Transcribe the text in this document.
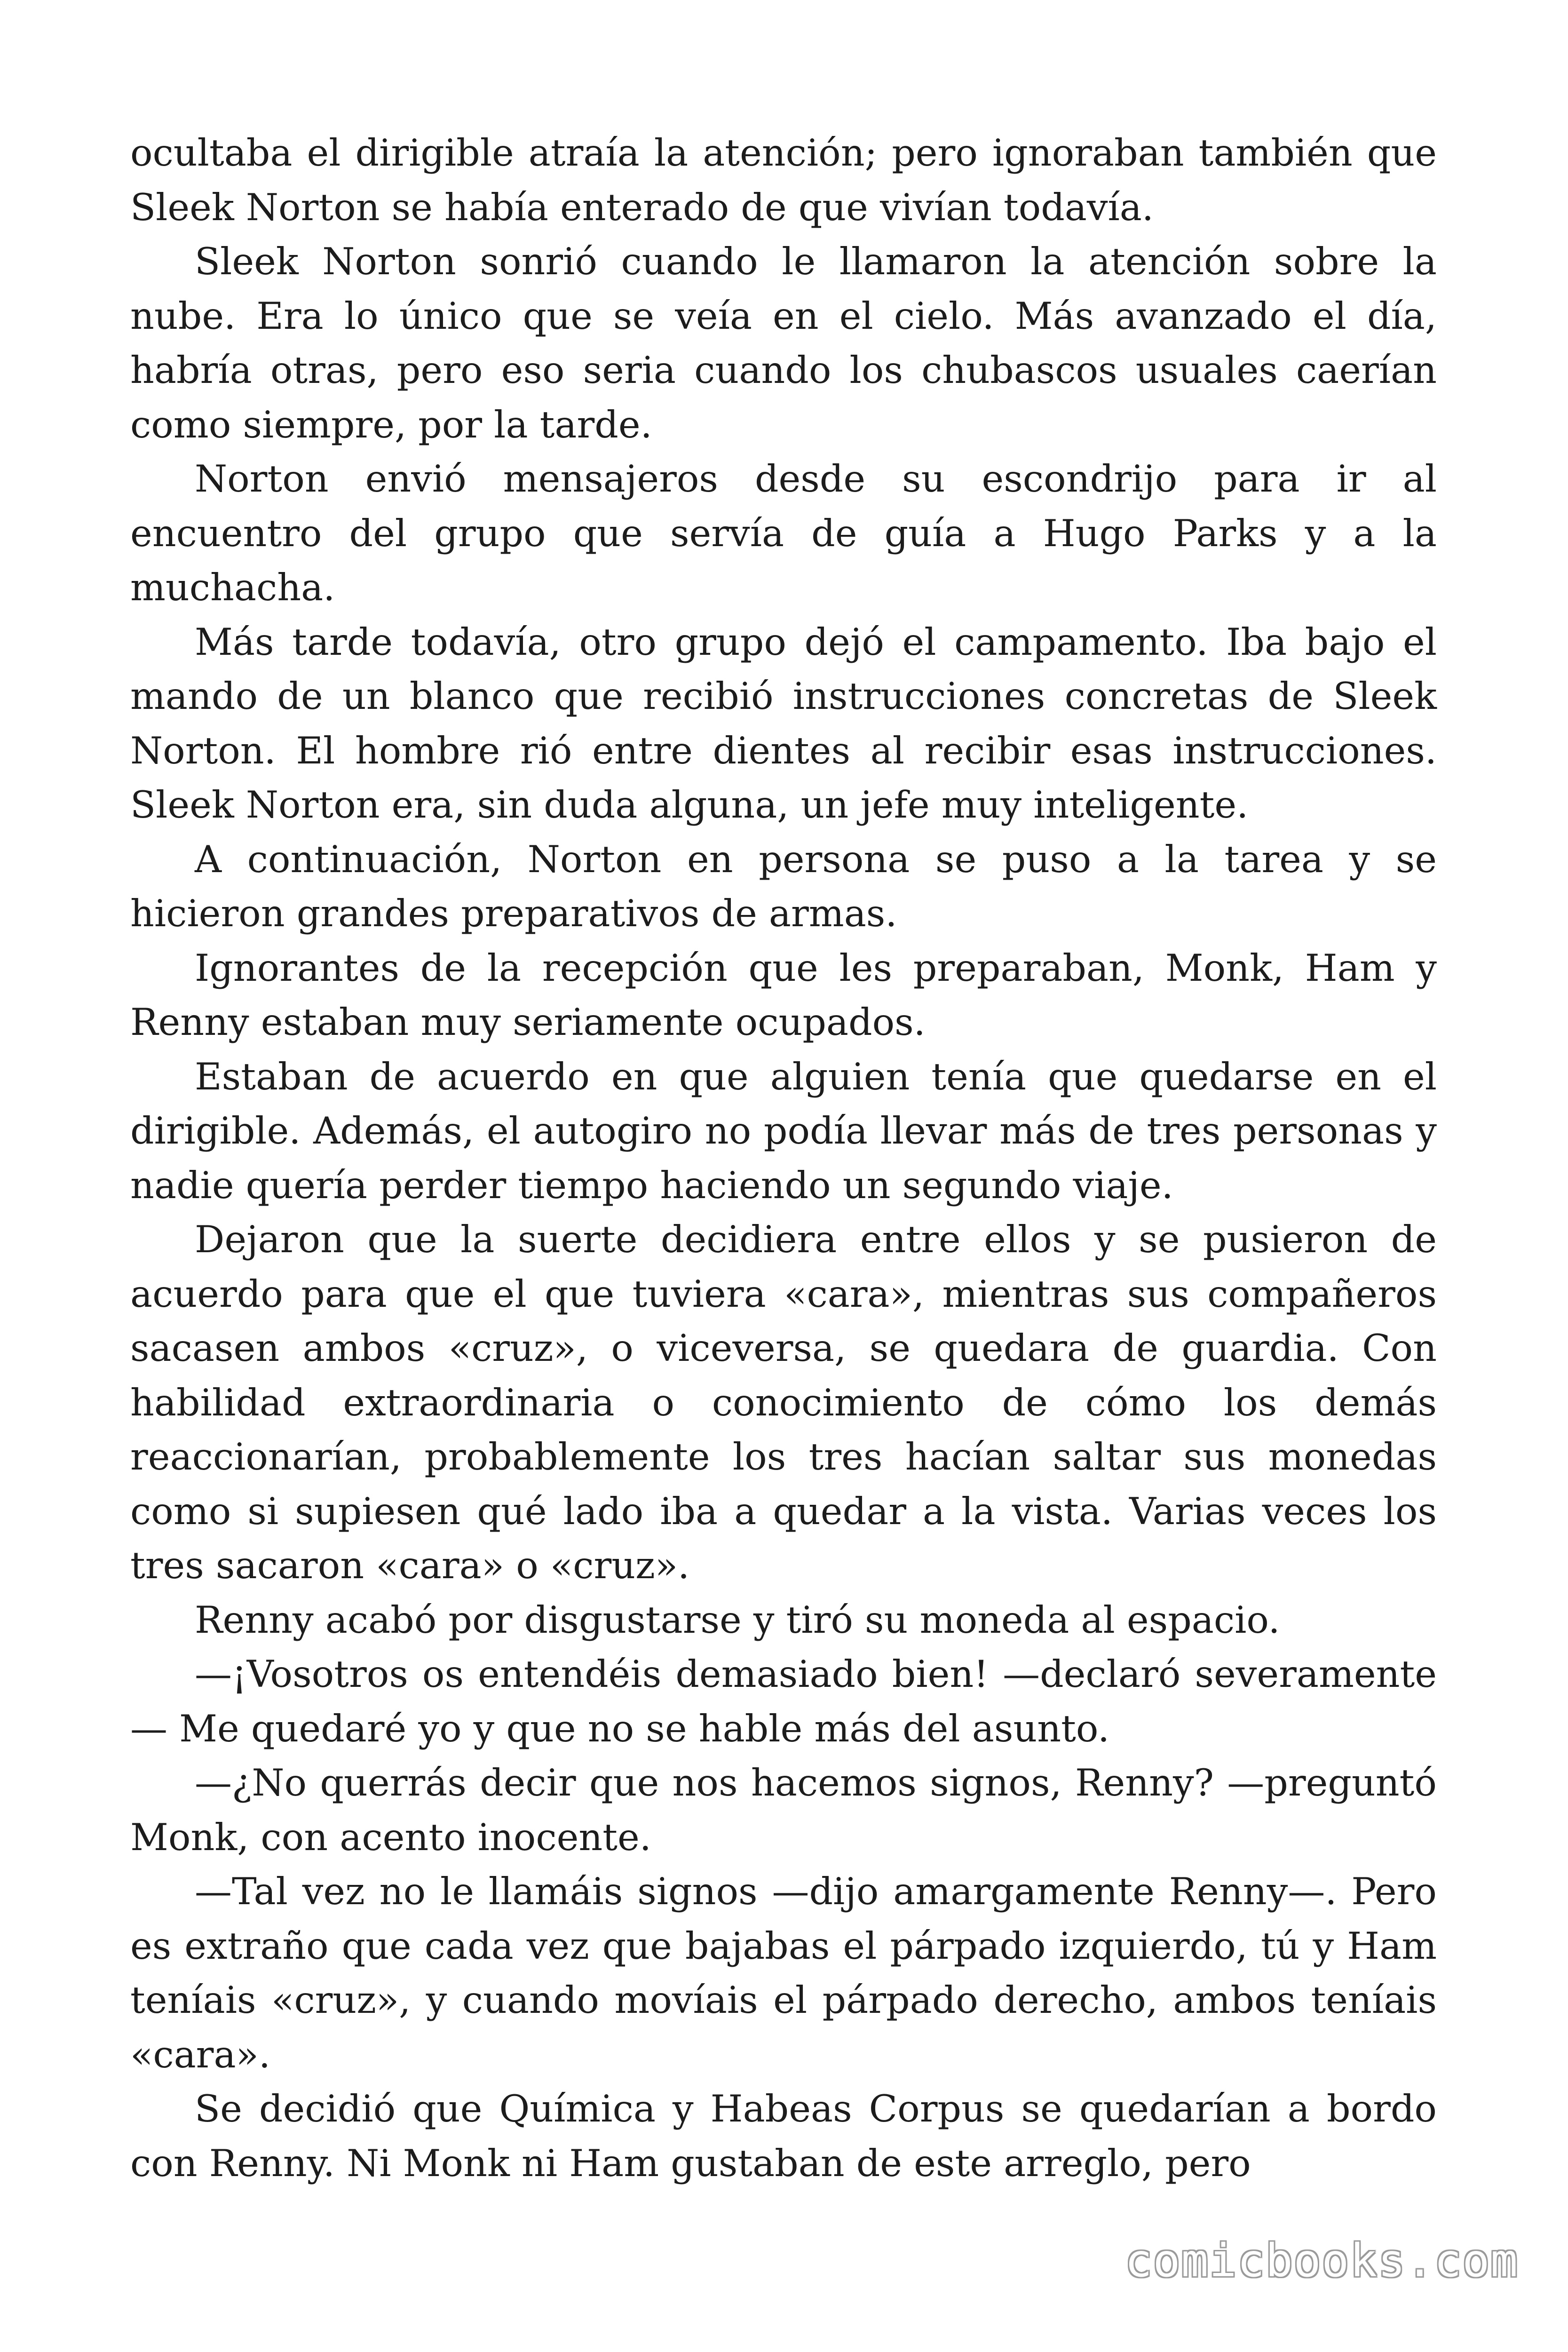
ocultaba el dirigible atraía la atención; pero ignoraban también que Sleek Norton se había enterado de que vivían todavía.

Sleek Norton sonrió cuando le llamaron la atención sobre la nube. Era lo único que se veía en el cielo. Más avanzado el día, habría otras, pero eso seria cuando los chubascos usuales caerían como siempre, por la tarde.

Norton envió mensajeros desde su escondrijo para ir al encuentro del grupo que servía de guía a Hugo Parks y a la muchacha.

Más tarde todavía, otro grupo dejó el campamento. Iba bajo el mando de un blanco que recibió instrucciones concretas de Sleek Norton. El hombre rió entre dientes al recibir esas instrucciones. Sleek Norton era, sin duda alguna, un jefe muy inteligente.

A continuación, Norton en persona se puso a la tarea y se hicieron grandes preparativos de armas.

Ignorantes de la recepción que les preparaban, Monk, Ham y Renny estaban muy seriamente ocupados.

Estaban de acuerdo en que alguien tenía que quedarse en el dirigible. Además, el autogiro no podía llevar más de tres personas y nadie quería perder tiempo haciendo un segundo viaje.

Dejaron que la suerte decidiera entre ellos y se pusieron de acuerdo para que el que tuviera «cara», mientras sus compañeros sacasen ambos «cruz», o viceversa, se quedara de guardia. Con habilidad extraordinaria o conocimiento de cómo los demás reaccionarían, probablemente los tres hacían saltar sus monedas como si supiesen qué lado iba a quedar a la vista. Varias veces los tres sacaron «cara» o «cruz».

Renny acabó por disgustarse y tiró su moneda al espacio.

—¡Vosotros os entendéis demasiado bien! —declaró severamente — Me quedaré yo y que no se hable más del asunto.

—¿No querrás decir que nos hacemos signos, Renny? —preguntó Monk, con acento inocente.

—Tal vez no le llamáis signos —dijo amargamente Renny—. Pero es extraño que cada vez que bajabas el párpado izquierdo, tú y Ham teníais «cruz», y cuando movíais el párpado derecho, ambos teníais «cara».

Se decidió que Química y Habeas Corpus se quedarían a bordo con Renny. Ni Monk ni Ham gustaban de este arreglo, pero

comicbooks.com
